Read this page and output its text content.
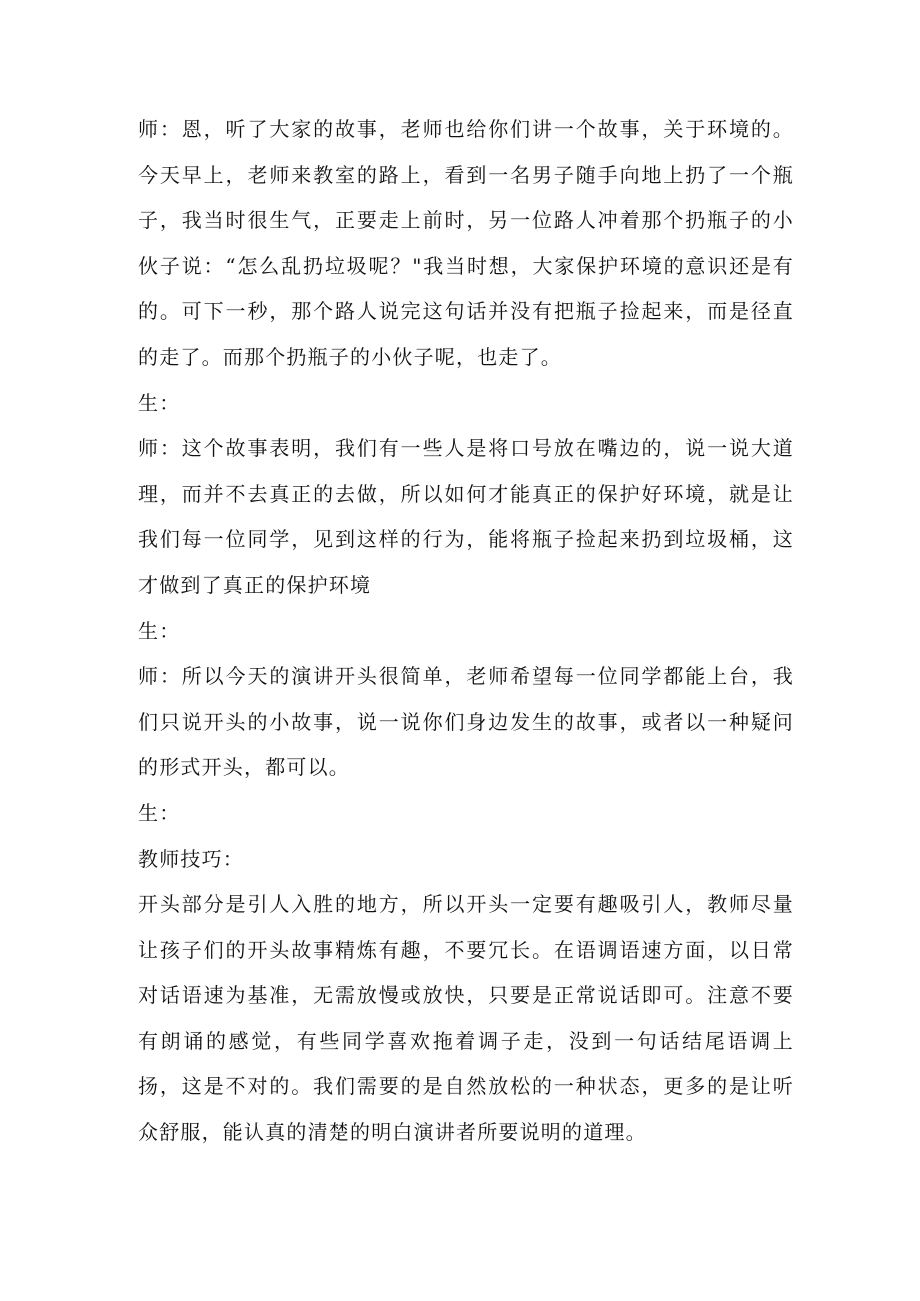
师：恩，听了大家的故事，老师也给你们讲一个故事，关于环境的。今天早上，老师来教室的路上，看到一名男子随手向地上扔了一个瓶子，我当时很生气，正要走上前时，另一位路人冲着那个扔瓶子的小伙子说：“怎么乱扔垃圾呢？"我当时想，大家保护环境的意识还是有的。可下一秒，那个路人说完这句话并没有把瓶子捡起来，而是径直的走了。而那个扔瓶子的小伙子呢，也走了。

生：

师：这个故事表明，我们有一些人是将口号放在嘴边的，说一说大道理，而并不去真正的去做，所以如何才能真正的保护好环境，就是让我们每一位同学，见到这样的行为，能将瓶子捡起来扔到垃圾桶，这才做到了真正的保护环境

生：

师：所以今天的演讲开头很简单，老师希望每一位同学都能上台，我们只说开头的小故事，说一说你们身边发生的故事，或者以一种疑问的形式开头，都可以。

生：

教师技巧：

开头部分是引人入胜的地方，所以开头一定要有趣吸引人，教师尽量让孩子们的开头故事精炼有趣，不要冗长。在语调语速方面，以日常对话语速为基准，无需放慢或放快，只要是正常说话即可。注意不要有朗诵的感觉，有些同学喜欢拖着调子走，没到一句话结尾语调上扬，这是不对的。我们需要的是自然放松的一种状态，更多的是让听众舒服，能认真的清楚的明白演讲者所要说明的道理。
